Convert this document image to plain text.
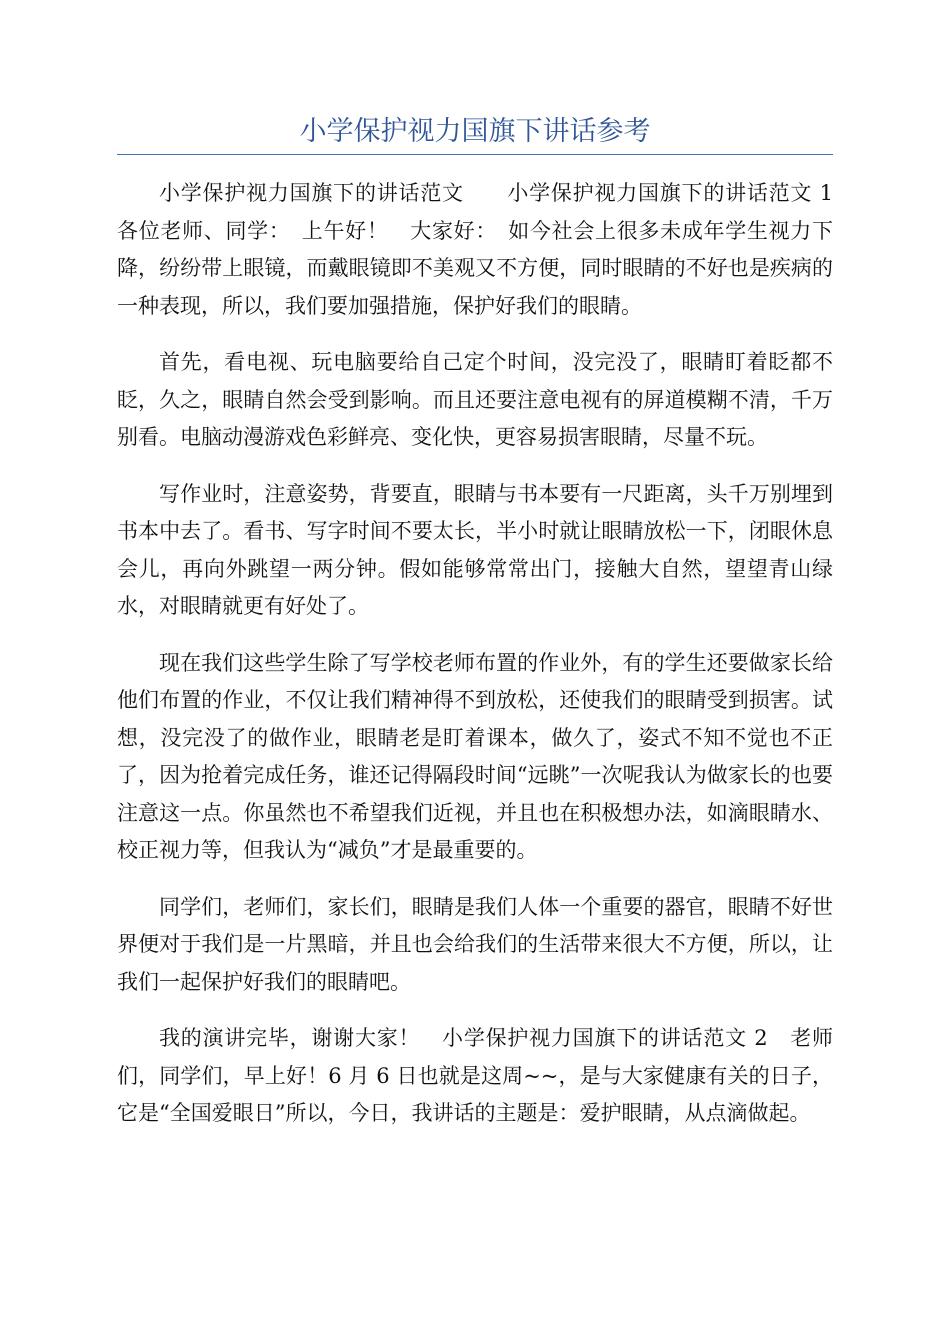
小学保护视力国旗下讲话参考

小学保护视力国旗下的讲话范文　　小学保护视力国旗下的讲话范文 1　各位老师、同学：　上午好！　大家好：　如今社会上很多未成年学生视力下降，纷纷带上眼镜，而戴眼镜即不美观又不方便，同时眼睛的不好也是疾病的一种表现，所以，我们要加强措施，保护好我们的眼睛。

首先，看电视、玩电脑要给自己定个时间，没完没了，眼睛盯着眨都不眨，久之，眼睛自然会受到影响。而且还要注意电视有的屏道模糊不清，千万别看。电脑动漫游戏色彩鲜亮、变化快，更容易损害眼睛，尽量不玩。

写作业时，注意姿势，背要直，眼睛与书本要有一尺距离，头千万别埋到书本中去了。看书、写字时间不要太长，半小时就让眼睛放松一下，闭眼休息会儿，再向外跳望一两分钟。假如能够常常出门，接触大自然，望望青山绿水，对眼睛就更有好处了。

现在我们这些学生除了写学校老师布置的作业外，有的学生还要做家长给他们布置的作业，不仅让我们精神得不到放松，还使我们的眼睛受到损害。试想，没完没了的做作业，眼睛老是盯着课本，做久了，姿式不知不觉也不正了，因为抢着完成任务，谁还记得隔段时间“远眺”一次呢我认为做家长的也要注意这一点。你虽然也不希望我们近视，并且也在积极想办法，如滴眼睛水、校正视力等，但我认为“减负”才是最重要的。

同学们，老师们，家长们，眼睛是我们人体一个重要的器官，眼睛不好世界便对于我们是一片黑暗，并且也会给我们的生活带来很大不方便，所以，让我们一起保护好我们的眼睛吧。

我的演讲完毕，谢谢大家！　小学保护视力国旗下的讲话范文 2　老师们，同学们，早上好！6 月 6 日也就是这周~~，是与大家健康有关的日子，它是“全国爱眼日”所以，今日，我讲话的主题是：爱护眼睛，从点滴做起。
